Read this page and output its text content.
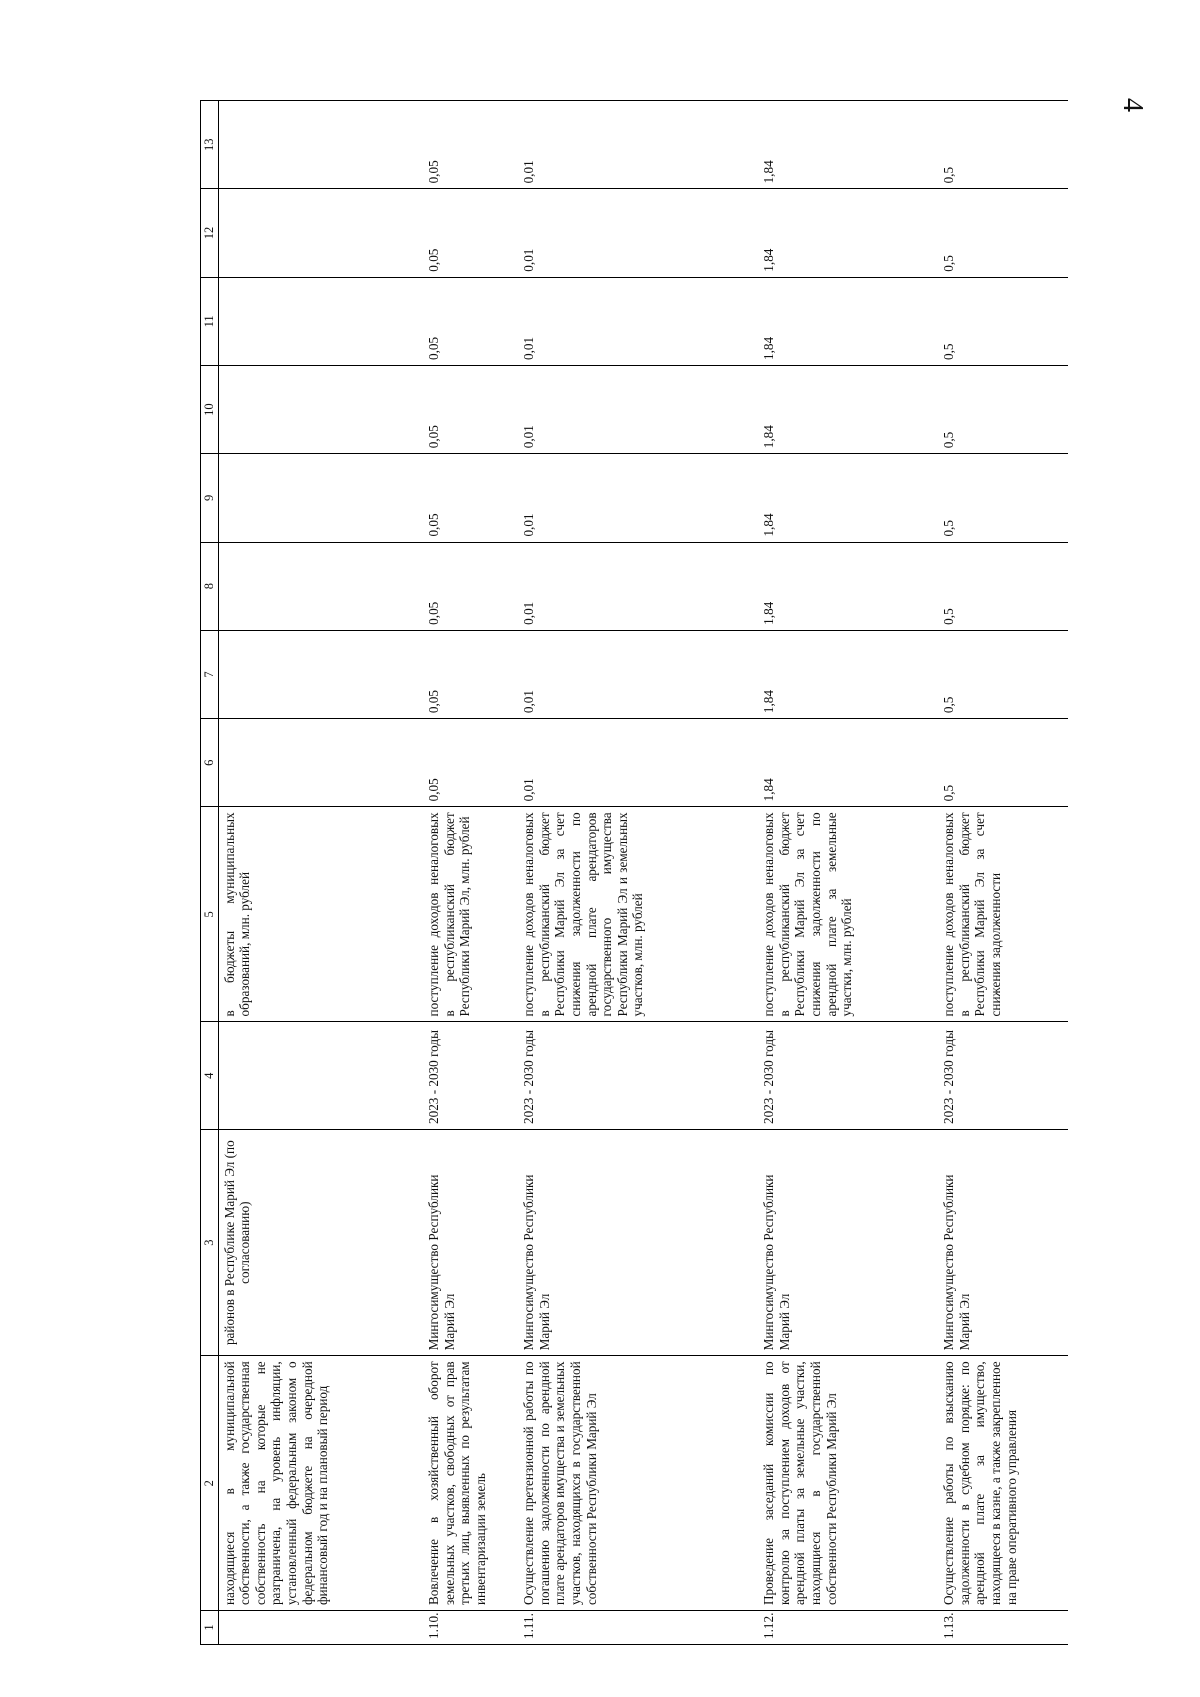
4
1	2	3	4	5	6	7	8	9	10	11	12	13
	находящиеся в муниципальной собственности, а также государственная собственность на которые не разграничена, на уровень инфляции, установленный федеральным законом о федеральном бюджете на очередной финансовый год и на плановый период	районов в Республике Марий Эл (по согласованию)		в бюджеты муниципальных образований, млн. рублей								
1.10.	Вовлечение в хозяйственный оборот земельных участков, свободных от прав третьих лиц, выявленных по результатам инвентаризации земель	Мингосимущество Республики Марий Эл	2023 - 2030 годы	поступление доходов неналоговых в республиканский бюджет Республики Марий Эл, млн. рублей	0,05	0,05	0,05	0,05	0,05	0,05	0,05	0,05
1.11.	Осуществление претензионной работы по погашению задолженности по арендной плате арендаторов имущества и земельных участков, находящихся в государственной собственности Республики Марий Эл	Мингосимущество Республики Марий Эл	2023 - 2030 годы	поступление доходов неналоговых в республиканский бюджет Республики Марий Эл за счет снижения задолженности по арендной плате арендаторов государственного имущества Республики Марий Эл и земельных участков, млн. рублей	0,01	0,01	0,01	0,01	0,01	0,01	0,01	0,01
1.12.	Проведение заседаний комиссии по контролю за поступлением доходов от арендной платы за земельные участки, находящиеся в государственной собственности Республики Марий Эл	Мингосимущество Республики Марий Эл	2023 - 2030 годы	поступление доходов неналоговых в республиканский бюджет Республики Марий Эл за счет снижения задолженности по арендной плате за земельные участки, млн. рублей	1,84	1,84	1,84	1,84	1,84	1,84	1,84	1,84
1.13.	Осуществление работы по взысканию задолженности в судебном порядке: по арендной плате за имущество, находящееся в казне, а также закрепленное на праве оперативного управления	Мингосимущество Республики Марий Эл	2023 - 2030 годы	поступление доходов неналоговых в республиканский бюджет Республики Марий Эл за счет снижения задолженности	0,5	0,5	0,5	0,5	0,5	0,5	0,5	0,5
